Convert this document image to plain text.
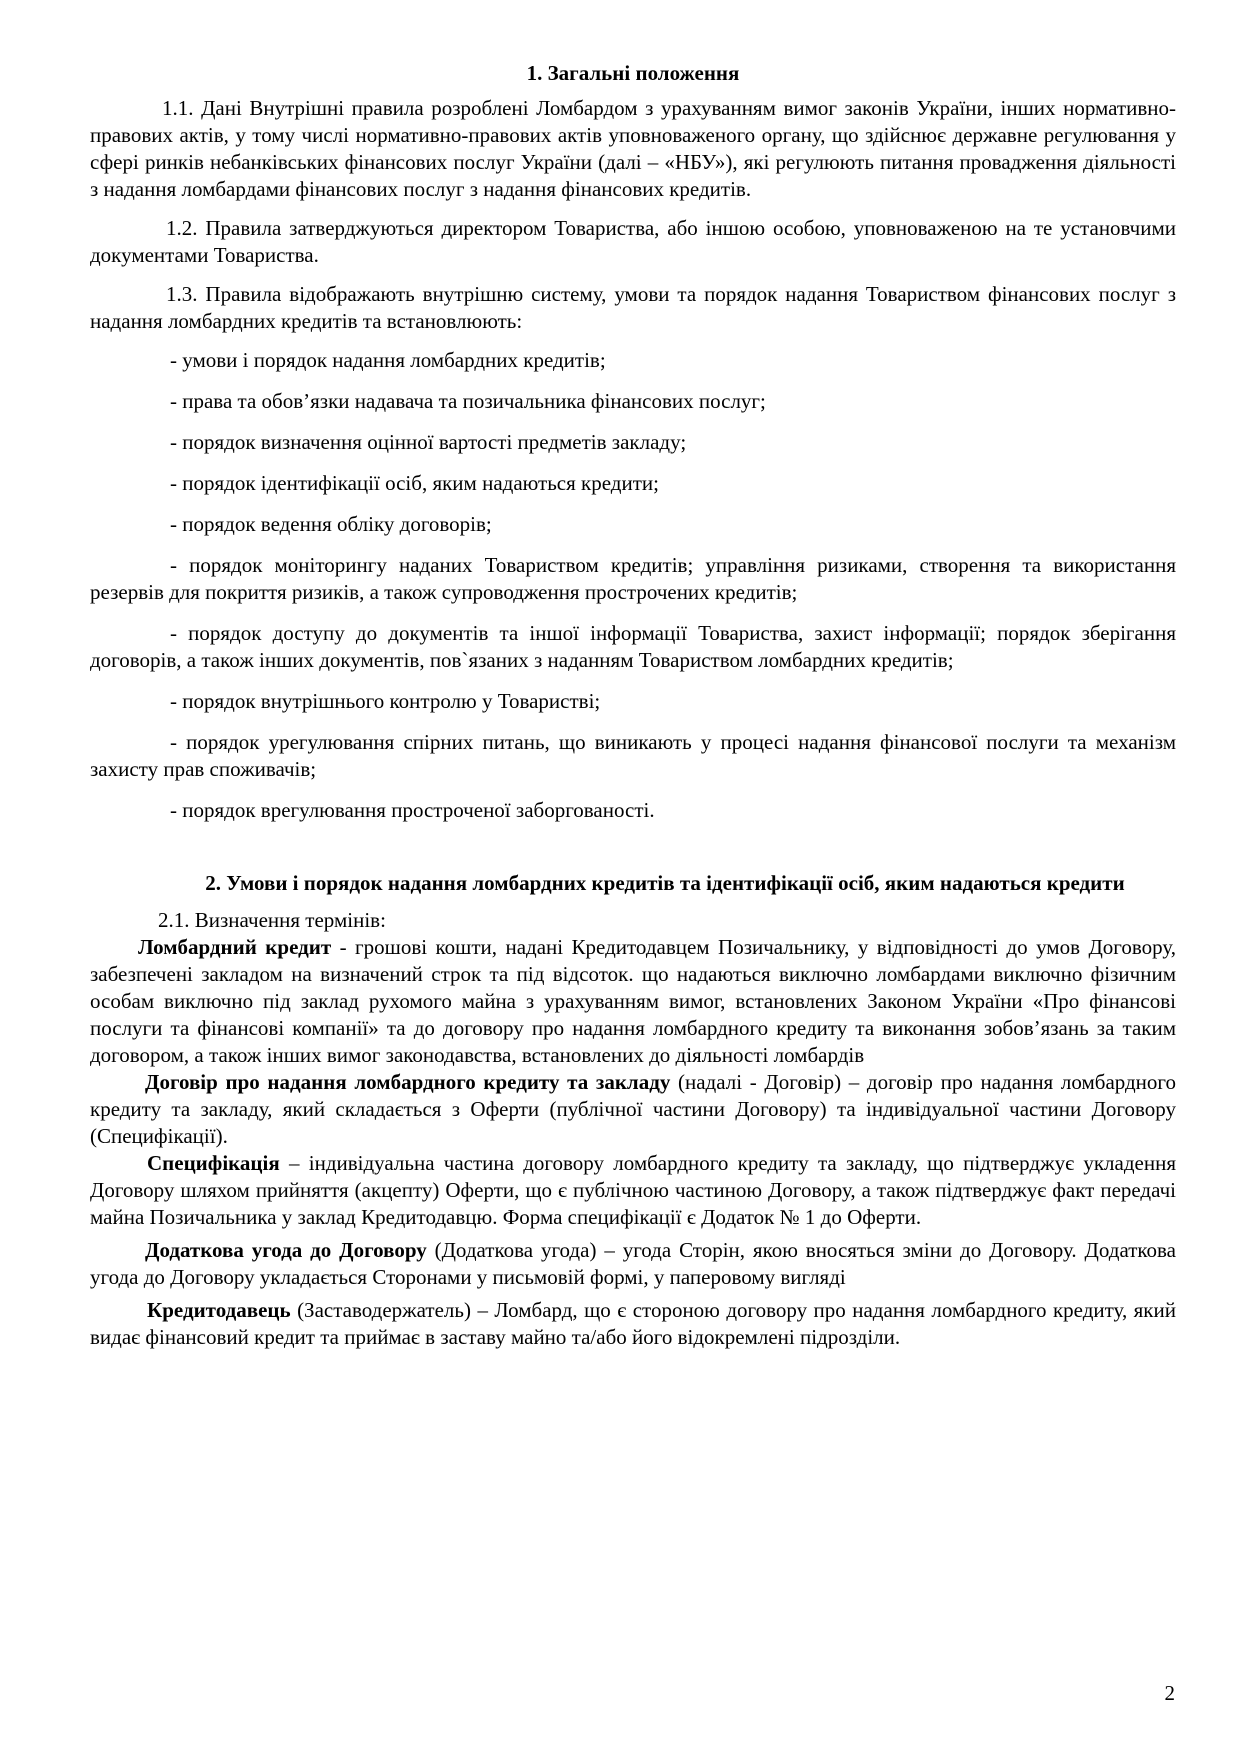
1. Загальні положення

1.1. Дані Внутрішні правила розроблені Ломбардом з урахуванням вимог законів України, інших нормативно-правових актів, у тому числі нормативно-правових актів уповноваженого органу, що здійснює державне регулювання у сфері ринків небанківських фінансових послуг України (далі – «НБУ»), які регулюють питання провадження діяльності з надання ломбардами фінансових послуг з надання фінансових кредитів.

1.2. Правила затверджуються директором Товариства, або іншою особою, уповноваженою на те установчими документами Товариства.

1.3. Правила відображають внутрішню систему, умови та порядок надання Товариством фінансових послуг з надання ломбардних кредитів та встановлюють:

- умови і порядок надання ломбардних кредитів;

- права та обов’язки надавача та позичальника фінансових послуг;

- порядок визначення оцінної вартості предметів закладу;

- порядок ідентифікації осіб, яким надаються кредити;

- порядок ведення обліку договорів;

- порядок моніторингу наданих Товариством кредитів; управління ризиками, створення та використання резервів для покриття ризиків, а також супроводження прострочених кредитів;

- порядок доступу до документів та іншої інформації Товариства, захист інформації; порядок зберігання договорів, а також інших документів, пов`язаних з наданням Товариством ломбардних кредитів;

- порядок внутрішнього контролю у Товаристві;

- порядок урегулювання спірних питань, що виникають у процесі надання фінансової послуги та механізм захисту прав споживачів;

- порядок врегулювання простроченої заборгованості.

2. Умови і порядок надання ломбардних кредитів та ідентифікації осіб, яким надаються кредити

2.1. Визначення термінів:

Ломбардний кредит - грошові кошти, надані Кредитодавцем Позичальнику, у відповідності до умов Договору, забезпечені закладом на визначений строк та під відсоток. що надаються виключно ломбардами виключно фізичним особам виключно під заклад рухомого майна з урахуванням вимог, встановлених Законом України «Про фінансові послуги та фінансові компанії» та до договору про надання ломбардного кредиту та виконання зобов’язань за таким договором, а також інших вимог законодавства, встановлених до діяльності ломбардів

Договір про надання ломбардного кредиту та закладу (надалі - Договір) – договір про надання ломбардного кредиту та закладу, який складається з Оферти (публічної частини Договору) та індивідуальної частини Договору (Специфікації).

Специфікація – індивідуальна частина договору ломбардного кредиту та закладу, що підтверджує укладення Договору шляхом прийняття (акцепту) Оферти, що є публічною частиною Договору, а також підтверджує факт передачі майна Позичальника у заклад Кредитодавцю. Форма специфікації є Додаток № 1 до Оферти.

Додаткова угода до Договору (Додаткова угода) – угода Сторін, якою вносяться зміни до Договору. Додаткова угода до Договору укладається Сторонами у письмовій формі, у паперовому вигляді

Кредитодавець (Заставодержатель) – Ломбард, що є стороною договору про надання ломбардного кредиту, який видає фінансовий кредит та приймає в заставу майно та/або його відокремлені підрозділи.

2
